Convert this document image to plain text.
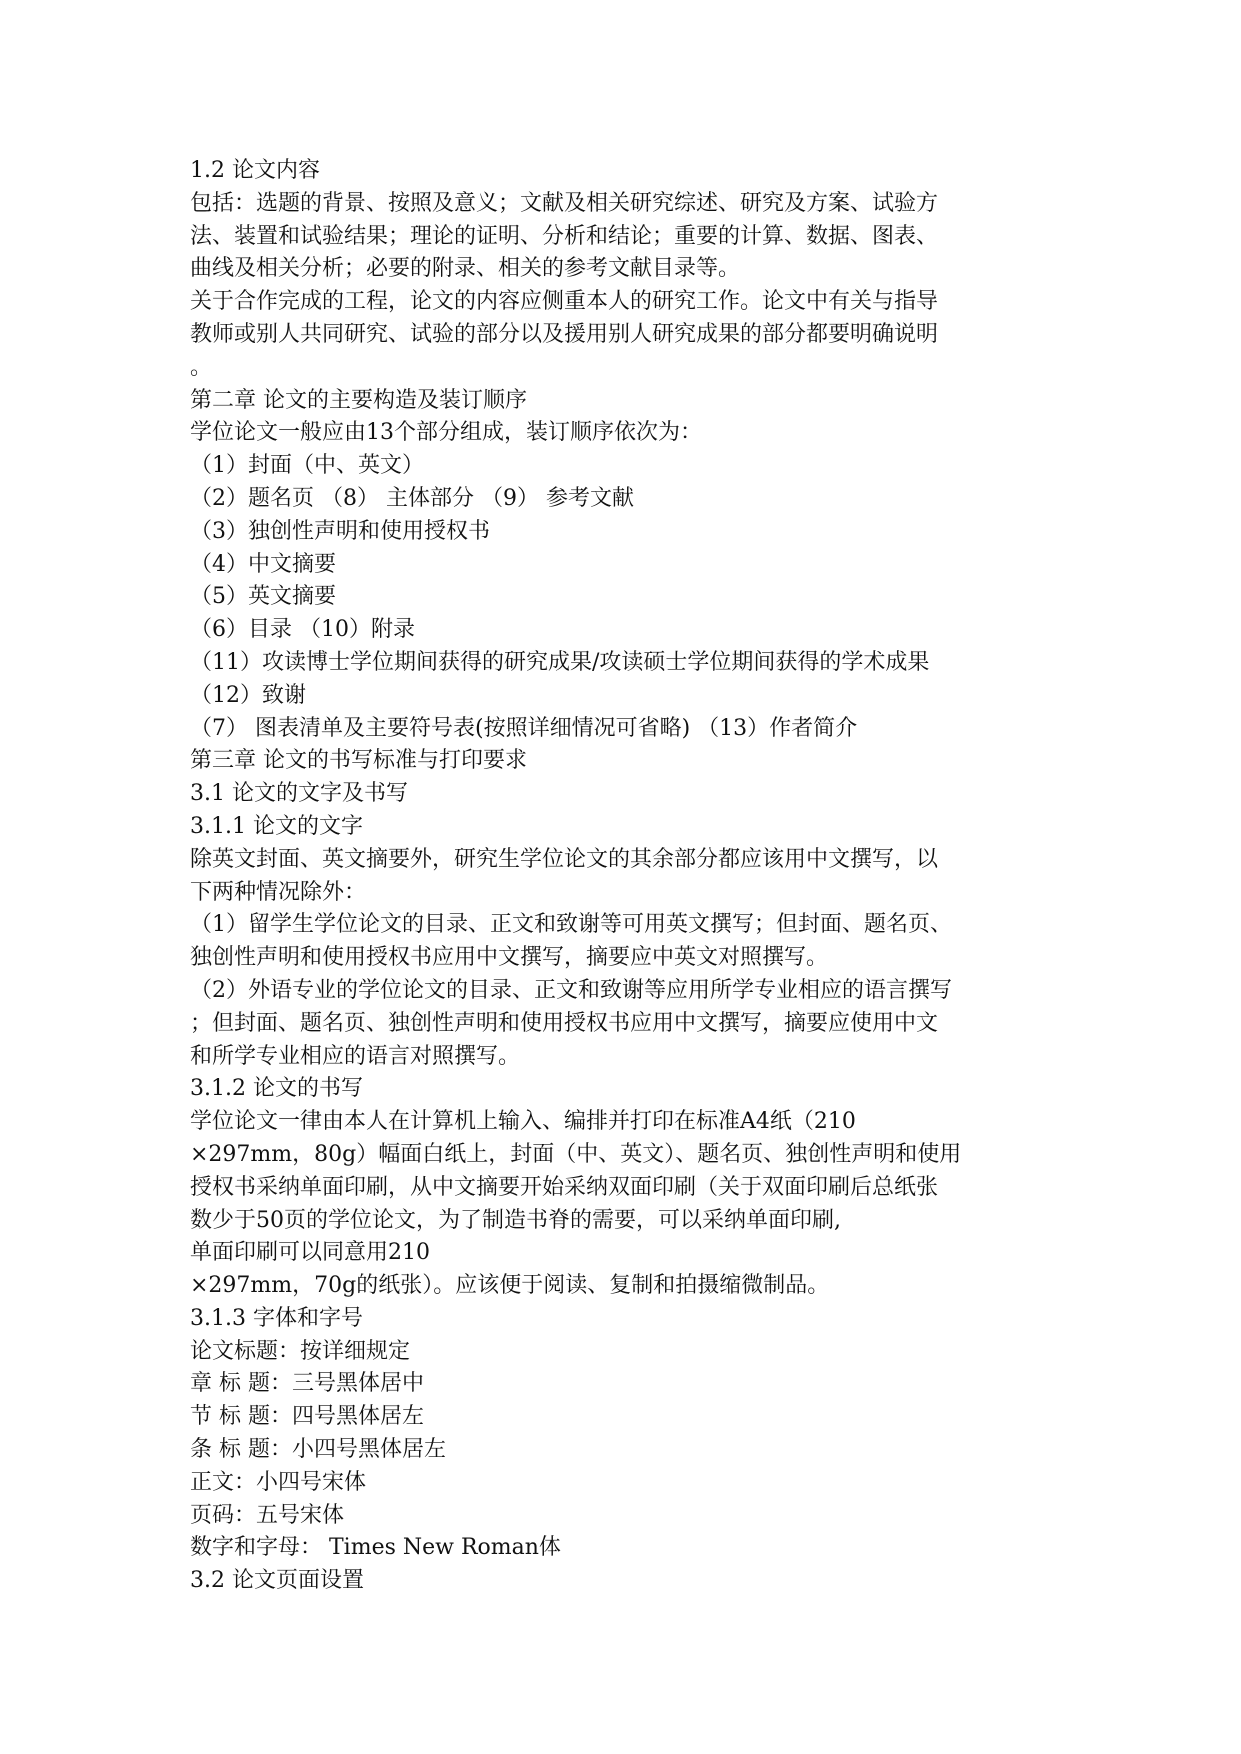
1.2 论文内容
包括：选题的背景、按照及意义；文献及相关研究综述、研究及方案、试验方
法、装置和试验结果；理论的证明、分析和结论；重要的计算、数据、图表、
曲线及相关分析；必要的附录、相关的参考文献目录等。
关于合作完成的工程，论文的内容应侧重本人的研究工作。论文中有关与指导
教师或别人共同研究、试验的部分以及援用别人研究成果的部分都要明确说明
。
第二章 论文的主要构造及装订顺序
学位论文一般应由13个部分组成，装订顺序依次为：
（1）封面（中、英文）
（2）题名页 （8） 主体部分 （9） 参考文献
（3）独创性声明和使用授权书
（4）中文摘要
（5）英文摘要
（6）目录 （10）附录
（11）攻读博士学位期间获得的研究成果/攻读硕士学位期间获得的学术成果
（12）致谢
（7） 图表清单及主要符号表(按照详细情况可省略) （13）作者简介
第三章 论文的书写标准与打印要求
3.1 论文的文字及书写
3.1.1 论文的文字
除英文封面、英文摘要外，研究生学位论文的其余部分都应该用中文撰写，以
下两种情况除外：
（1）留学生学位论文的目录、正文和致谢等可用英文撰写；但封面、题名页、
独创性声明和使用授权书应用中文撰写，摘要应中英文对照撰写。
（2）外语专业的学位论文的目录、正文和致谢等应用所学专业相应的语言撰写
；但封面、题名页、独创性声明和使用授权书应用中文撰写，摘要应使用中文
和所学专业相应的语言对照撰写。
3.1.2 论文的书写
学位论文一律由本人在计算机上输入、编排并打印在标准A4纸（210
×297mm，80g）幅面白纸上，封面（中、英文）、题名页、独创性声明和使用
授权书采纳单面印刷，从中文摘要开始采纳双面印刷（关于双面印刷后总纸张
数少于50页的学位论文，为了制造书脊的需要，可以采纳单面印刷,
单面印刷可以同意用210
×297mm，70g的纸张）。应该便于阅读、复制和拍摄缩微制品。
3.1.3 字体和字号
论文标题：按详细规定
章 标 题：三号黑体居中
节 标 题：四号黑体居左
条 标 题：小四号黑体居左
正文：小四号宋体
页码：五号宋体
数字和字母： Times New Roman体
3.2 论文页面设置
